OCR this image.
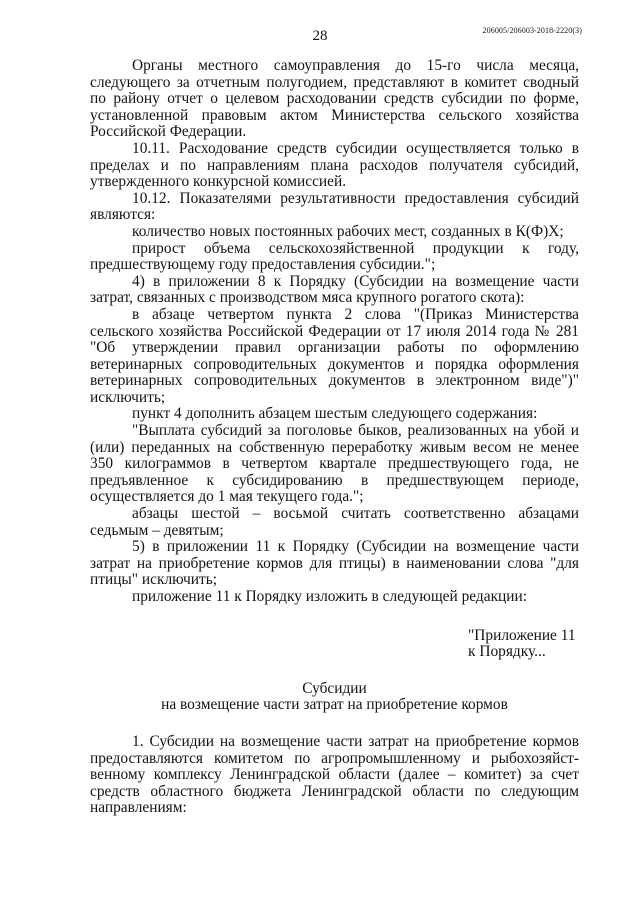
28	206005/206003-2018-2220(3)

Органы местного самоуправления до 15-го числа месяца, следующего за отчетным полугодием, представляют в комитет сводный по району отчет о целевом расходовании средств субсидии по форме, установленной правовым актом Министерства сельского хозяйства Российской Федерации.

10.11. Расходование средств субсидии осуществляется только в пределах и по направлениям плана расходов получателя субсидий, утвержденного конкурсной комиссией.

10.12. Показателями результативности предоставления субсидий являются:

количество новых постоянных рабочих мест, созданных в К(Ф)Х;

прирост объема сельскохозяйственной продукции к году, предшествующему году предоставления субсидии.";

4) в приложении 8 к Порядку (Субсидии на возмещение части затрат, связанных с производством мяса крупного рогатого скота):

в абзаце четвертом пункта 2 слова "(Приказ Министерства сельского хозяйства Российской Федерации от 17 июля 2014 года № 281 "Об утверждении правил организации работы по оформлению ветеринарных сопроводительных документов и порядка оформления ветеринарных сопроводительных документов в электронном виде")" исключить;

пункт 4 дополнить абзацем шестым следующего содержания:

"Выплата субсидий за поголовье быков, реализованных на убой и (или) переданных на собственную переработку живым весом не менее 350 килограммов в четвертом квартале предшествующего года, не предъявленное к субсидированию в предшествующем периоде, осуществляется до 1 мая текущего года.";

абзацы шестой – восьмой считать соответственно абзацами седьмым – девятым;

5) в приложении 11 к Порядку (Субсидии на возмещение части затрат на приобретение кормов для птицы) в наименовании слова "для птицы" исключить;

приложение 11 к Порядку изложить в следующей редакции:

"Приложение 11

к Порядку...

Субсидии

на возмещение части затрат на приобретение кормов

1. Субсидии на возмещение части затрат на приобретение кормов предоставляются комитетом по агропромышленному и рыбохозяйст-венному комплексу Ленинградской области (далее – комитет) за счет средств областного бюджета Ленинградской области по следующим направлениям:
